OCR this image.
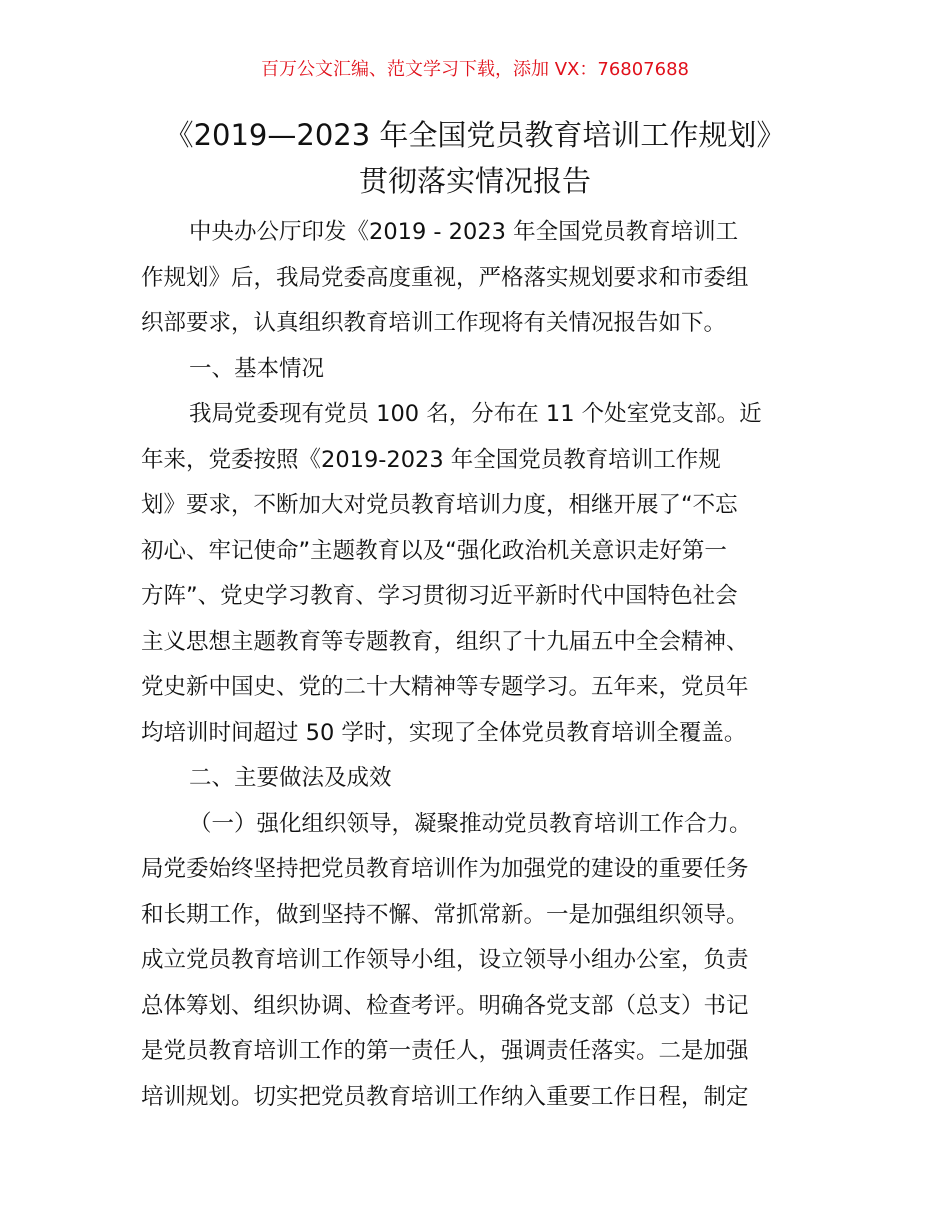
百万公文汇编、范文学习下载，添加 VX：76807688
《2019—2023 年全国党员教育培训工作规划》
贯彻落实情况报告
中央办公厅印发《2019 - 2023 年全国党员教育培训工
作规划》后，我局党委高度重视，严格落实规划要求和市委组
织部要求，认真组织教育培训工作现将有关情况报告如下。
一、基本情况
我局党委现有党员 100 名，分布在 11 个处室党支部。近
年来，党委按照《2019-2023 年全国党员教育培训工作规
划》要求，不断加大对党员教育培训力度，相继开展了“不忘
初心、牢记使命”主题教育以及“强化政治机关意识走好第一
方阵”、党史学习教育、学习贯彻习近平新时代中国特色社会
主义思想主题教育等专题教育，组织了十九届五中全会精神、
党史新中国史、党的二十大精神等专题学习。五年来，党员年
均培训时间超过 50 学时，实现了全体党员教育培训全覆盖。
二、主要做法及成效
（一）强化组织领导，凝聚推动党员教育培训工作合力。
局党委始终坚持把党员教育培训作为加强党的建设的重要任务
和长期工作，做到坚持不懈、常抓常新。一是加强组织领导。
成立党员教育培训工作领导小组，设立领导小组办公室，负责
总体筹划、组织协调、检查考评。明确各党支部（总支）书记
是党员教育培训工作的第一责任人，强调责任落实。二是加强
培训规划。切实把党员教育培训工作纳入重要工作日程，制定
